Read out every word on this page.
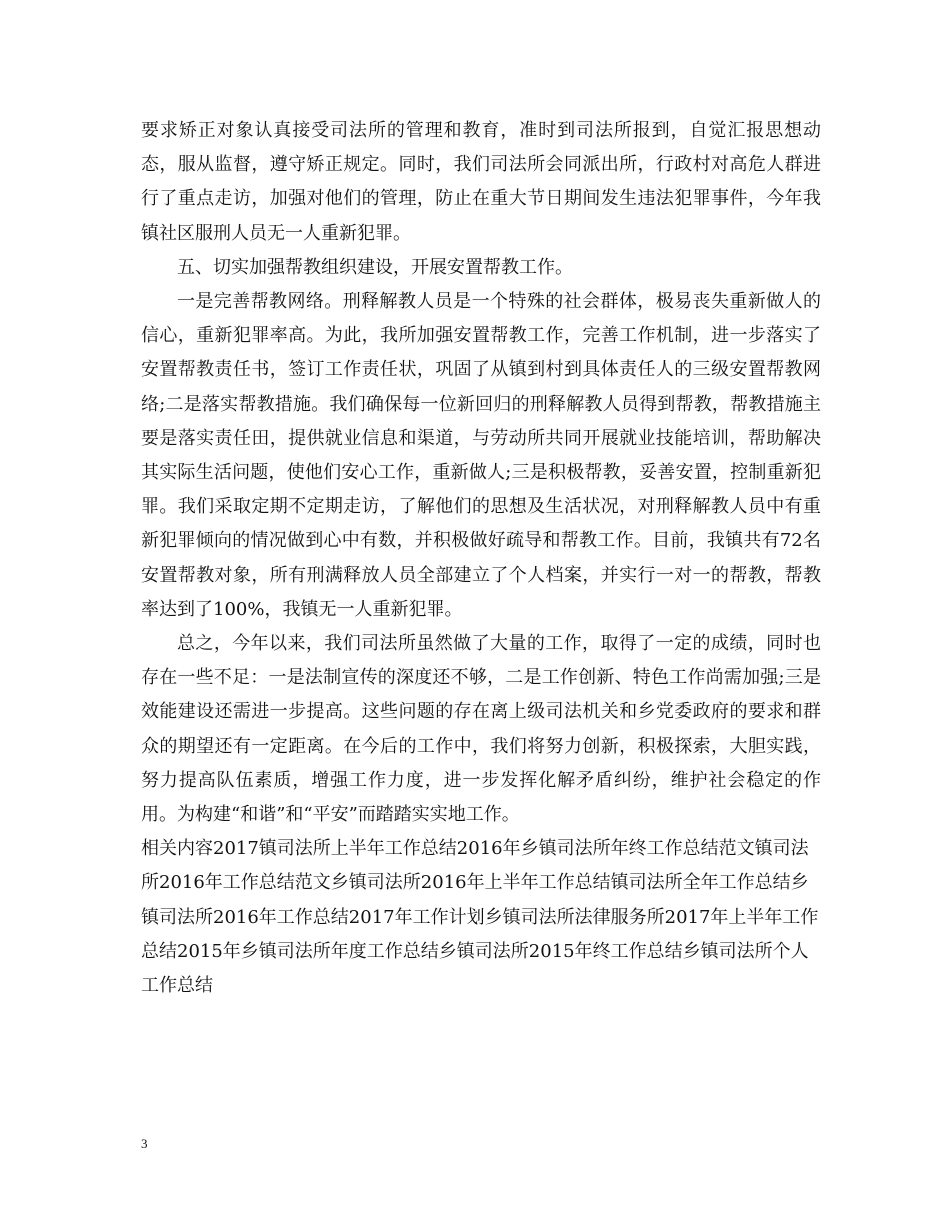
要求矫正对象认真接受司法所的管理和教育，准时到司法所报到，自觉汇报思想动态，服从监督，遵守矫正规定。同时，我们司法所会同派出所，行政村对高危人群进行了重点走访，加强对他们的管理，防止在重大节日期间发生违法犯罪事件，今年我镇社区服刑人员无一人重新犯罪。

五、切实加强帮教组织建设，开展安置帮教工作。

一是完善帮教网络。刑释解教人员是一个特殊的社会群体，极易丧失重新做人的信心，重新犯罪率高。为此，我所加强安置帮教工作，完善工作机制，进一步落实了安置帮教责任书，签订工作责任状，巩固了从镇到村到具体责任人的三级安置帮教网络;二是落实帮教措施。我们确保每一位新回归的刑释解教人员得到帮教，帮教措施主要是落实责任田，提供就业信息和渠道，与劳动所共同开展就业技能培训，帮助解决其实际生活问题，使他们安心工作，重新做人;三是积极帮教，妥善安置，控制重新犯罪。我们采取定期不定期走访，了解他们的思想及生活状况，对刑释解教人员中有重新犯罪倾向的情况做到心中有数，并积极做好疏导和帮教工作。目前，我镇共有72名安置帮教对象，所有刑满释放人员全部建立了个人档案，并实行一对一的帮教，帮教率达到了100%，我镇无一人重新犯罪。

总之，今年以来，我们司法所虽然做了大量的工作，取得了一定的成绩，同时也存在一些不足：一是法制宣传的深度还不够，二是工作创新、特色工作尚需加强;三是效能建设还需进一步提高。这些问题的存在离上级司法机关和乡党委政府的要求和群众的期望还有一定距离。在今后的工作中，我们将努力创新，积极探索，大胆实践，努力提高队伍素质，增强工作力度，进一步发挥化解矛盾纠纷，维护社会稳定的作用。为构建“和谐”和“平安”而踏踏实实地工作。

相关内容2017镇司法所上半年工作总结2016年乡镇司法所年终工作总结范文镇司法所2016年工作总结范文乡镇司法所2016年上半年工作总结镇司法所全年工作总结乡镇司法所2016年工作总结2017年工作计划乡镇司法所法律服务所2017年上半年工作总结2015年乡镇司法所年度工作总结乡镇司法所2015年终工作总结乡镇司法所个人工作总结

3
